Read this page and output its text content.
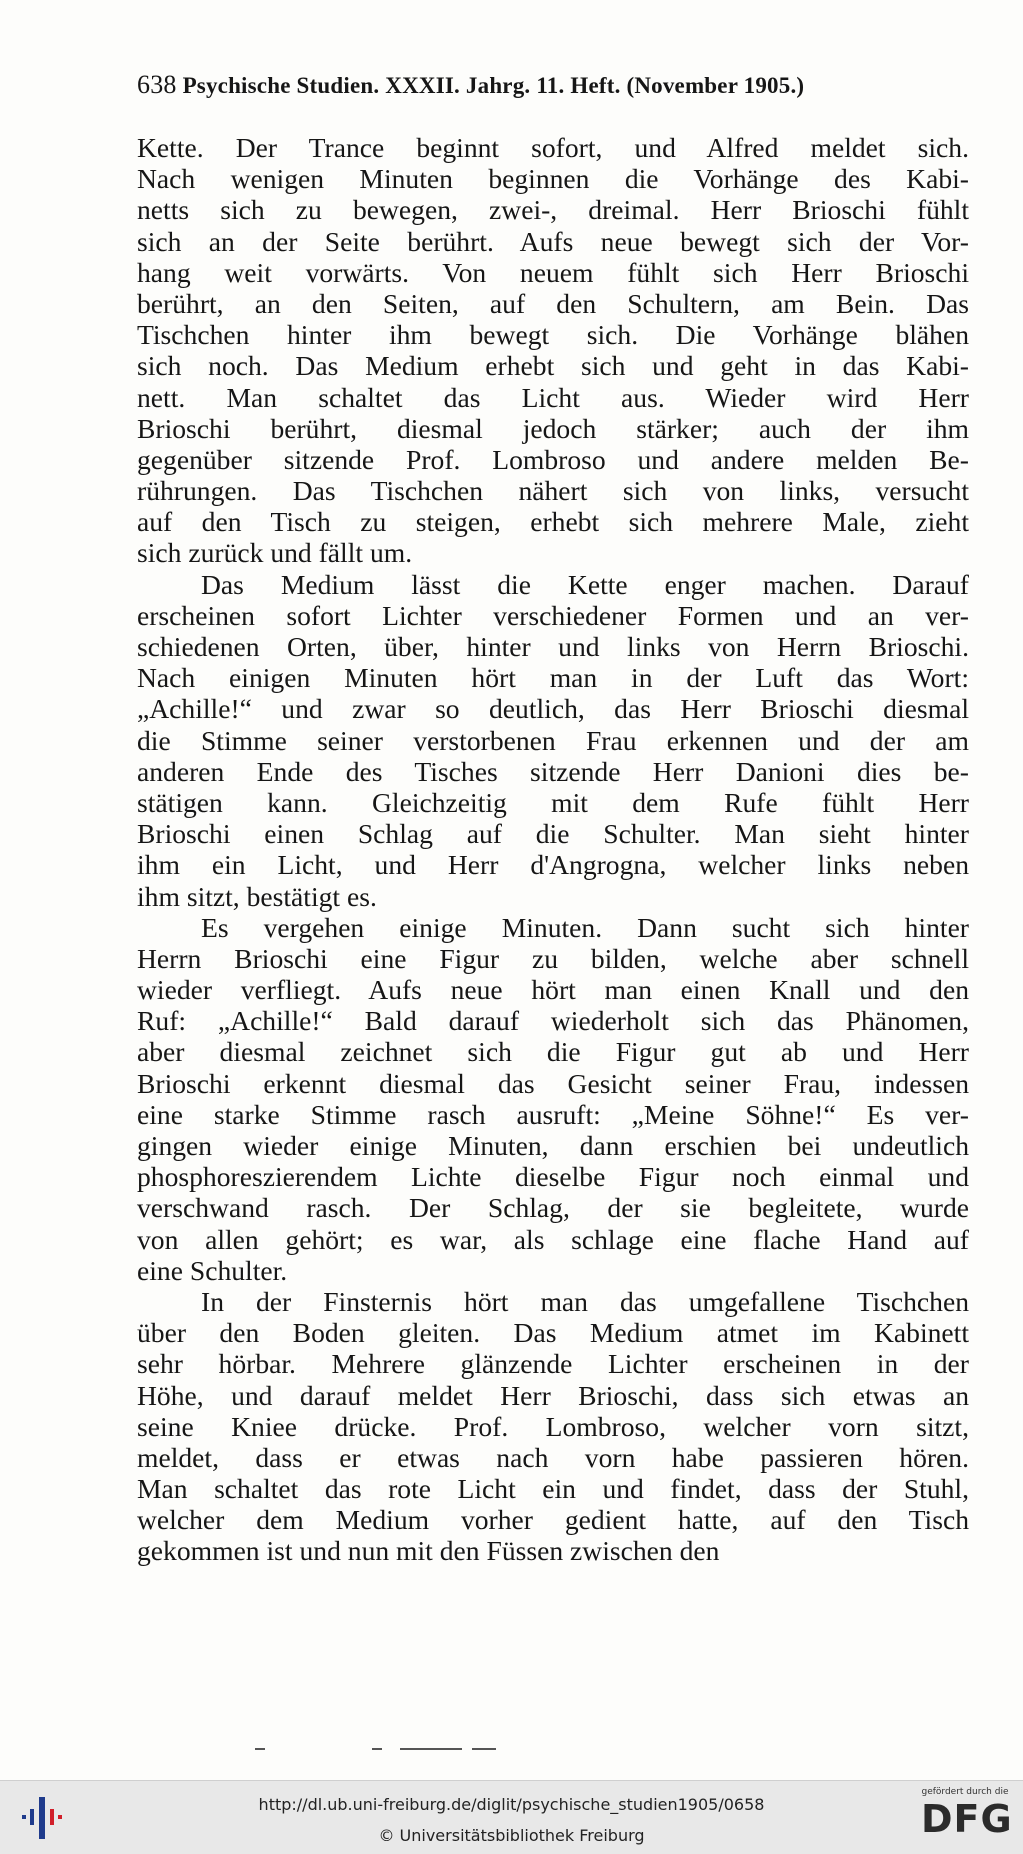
638 Psychische Studien. XXXII. Jahrg. 11. Heft. (November 1905.)
Kette. Der Trance beginnt sofort, und Alfred meldet sich.
Nach wenigen Minuten beginnen die Vorhänge des Kabi-
netts sich zu bewegen, zwei-, dreimal. Herr Brioschi fühlt
sich an der Seite berührt. Aufs neue bewegt sich der Vor-
hang weit vorwärts. Von neuem fühlt sich Herr Brioschi
berührt, an den Seiten, auf den Schultern, am Bein. Das
Tischchen hinter ihm bewegt sich. Die Vorhänge blähen
sich noch. Das Medium erhebt sich und geht in das Kabi-
nett. Man schaltet das Licht aus. Wieder wird Herr
Brioschi berührt, diesmal jedoch stärker; auch der ihm
gegenüber sitzende Prof. Lombroso und andere melden Be-
rührungen. Das Tischchen nähert sich von links, versucht
auf den Tisch zu steigen, erhebt sich mehrere Male, zieht
sich zurück und fällt um.
Das Medium lässt die Kette enger machen. Darauf
erscheinen sofort Lichter verschiedener Formen und an ver-
schiedenen Orten, über, hinter und links von Herrn Brioschi.
Nach einigen Minuten hört man in der Luft das Wort:
„Achille!“ und zwar so deutlich, das Herr Brioschi diesmal
die Stimme seiner verstorbenen Frau erkennen und der am
anderen Ende des Tisches sitzende Herr Danioni dies be-
stätigen kann. Gleichzeitig mit dem Rufe fühlt Herr
Brioschi einen Schlag auf die Schulter. Man sieht hinter
ihm ein Licht, und Herr d'Angrogna, welcher links neben
ihm sitzt, bestätigt es.
Es vergehen einige Minuten. Dann sucht sich hinter
Herrn Brioschi eine Figur zu bilden, welche aber schnell
wieder verfliegt. Aufs neue hört man einen Knall und den
Ruf: „Achille!“ Bald darauf wiederholt sich das Phänomen,
aber diesmal zeichnet sich die Figur gut ab und Herr
Brioschi erkennt diesmal das Gesicht seiner Frau, indessen
eine starke Stimme rasch ausruft: „Meine Söhne!“ Es ver-
gingen wieder einige Minuten, dann erschien bei undeutlich
phosphoreszierendem Lichte dieselbe Figur noch einmal und
verschwand rasch. Der Schlag, der sie begleitete, wurde
von allen gehört; es war, als schlage eine flache Hand auf
eine Schulter.
In der Finsternis hört man das umgefallene Tischchen
über den Boden gleiten. Das Medium atmet im Kabinett
sehr hörbar. Mehrere glänzende Lichter erscheinen in der
Höhe, und darauf meldet Herr Brioschi, dass sich etwas an
seine Kniee drücke. Prof. Lombroso, welcher vorn sitzt,
meldet, dass er etwas nach vorn habe passieren hören.
Man schaltet das rote Licht ein und findet, dass der Stuhl,
welcher dem Medium vorher gedient hatte, auf den Tisch
gekommen ist und nun mit den Füssen zwischen den
http://dl.ub.uni-freiburg.de/diglit/psychische_studien1905/0658
© Universitätsbibliothek Freiburg
gefördert durch die
DFG
